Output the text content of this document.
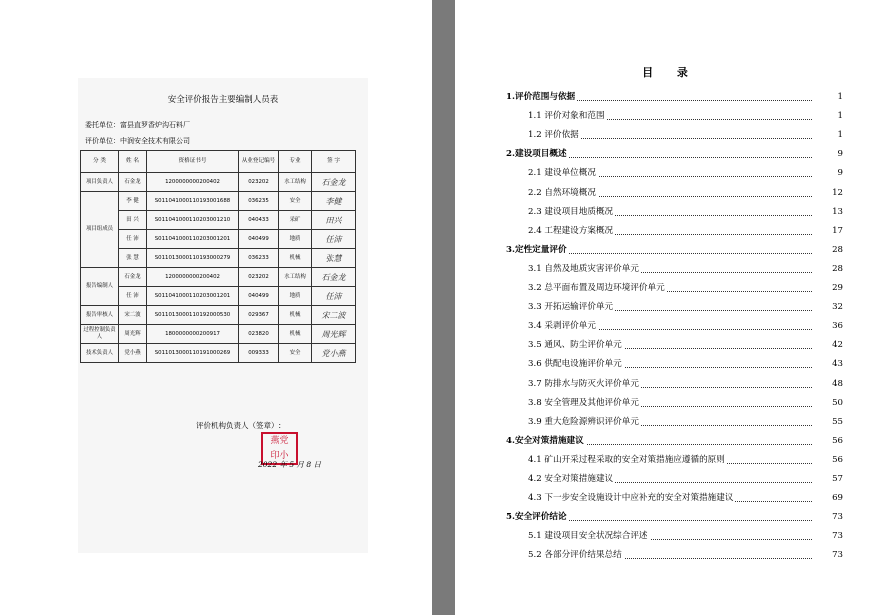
安全评价报告主要编制人员表
委托单位：富县直罗香炉沟石料厂
评价单位：中润安全技术有限公司
分 类	姓 名	资格证书号	从业登记编号	专业	签 字
项目负责人	石金龙	1200000000200402	023202	水工结构	石金龙
项目组成员	李 健	S011041000110193001688	036235	安全	李健
	田 兴	S011041000110203001210	040433	采矿	田兴
	任 沛	S011041000110203001201	040499	地质	任沛
	张 慧	S011013000110193000279	036233	机械	张慧
报告编制人	石金龙	1200000000200402	023202	水工结构	石金龙
	任 沛	S011041000110203001201	040499	地质	任沛
报告审核人	宋二波	S011013000110192000530	029367	机械	宋二波
过程控制负责人	周光辉	1800000000200917	023820	机械	周光辉
技术负责人	党小燕	S011013000110191000269	009333	安全	党小燕
评价机构负责人（签章）:
燕党
印小
2022 年 5 月 8 日
目 录
1.评价范围与依据	1
1.1 评价对象和范围	1
1.2 评价依据	1
2.建设项目概述	9
2.1 建设单位概况	9
2.2 自然环境概况	12
2.3 建设项目地质概况	13
2.4 工程建设方案概况	17
3.定性定量评价	28
3.1 自然及地质灾害评价单元	28
3.2 总平面布置及周边环境评价单元	29
3.3 开拓运输评价单元	32
3.4 采剥评价单元	36
3.5 通风、防尘评价单元	42
3.6 供配电设施评价单元	43
3.7 防排水与防灭火评价单元	48
3.8 安全管理及其他评价单元	50
3.9 重大危险源辨识评价单元	55
4.安全对策措施建议	56
4.1 矿山开采过程采取的安全对策措施应遵循的原则	56
4.2 安全对策措施建议	57
4.3 下一步安全设施设计中应补充的安全对策措施建议	69
5.安全评价结论	73
5.1 建设项目安全状况综合评述	73
5.2 各部分评价结果总结	73
